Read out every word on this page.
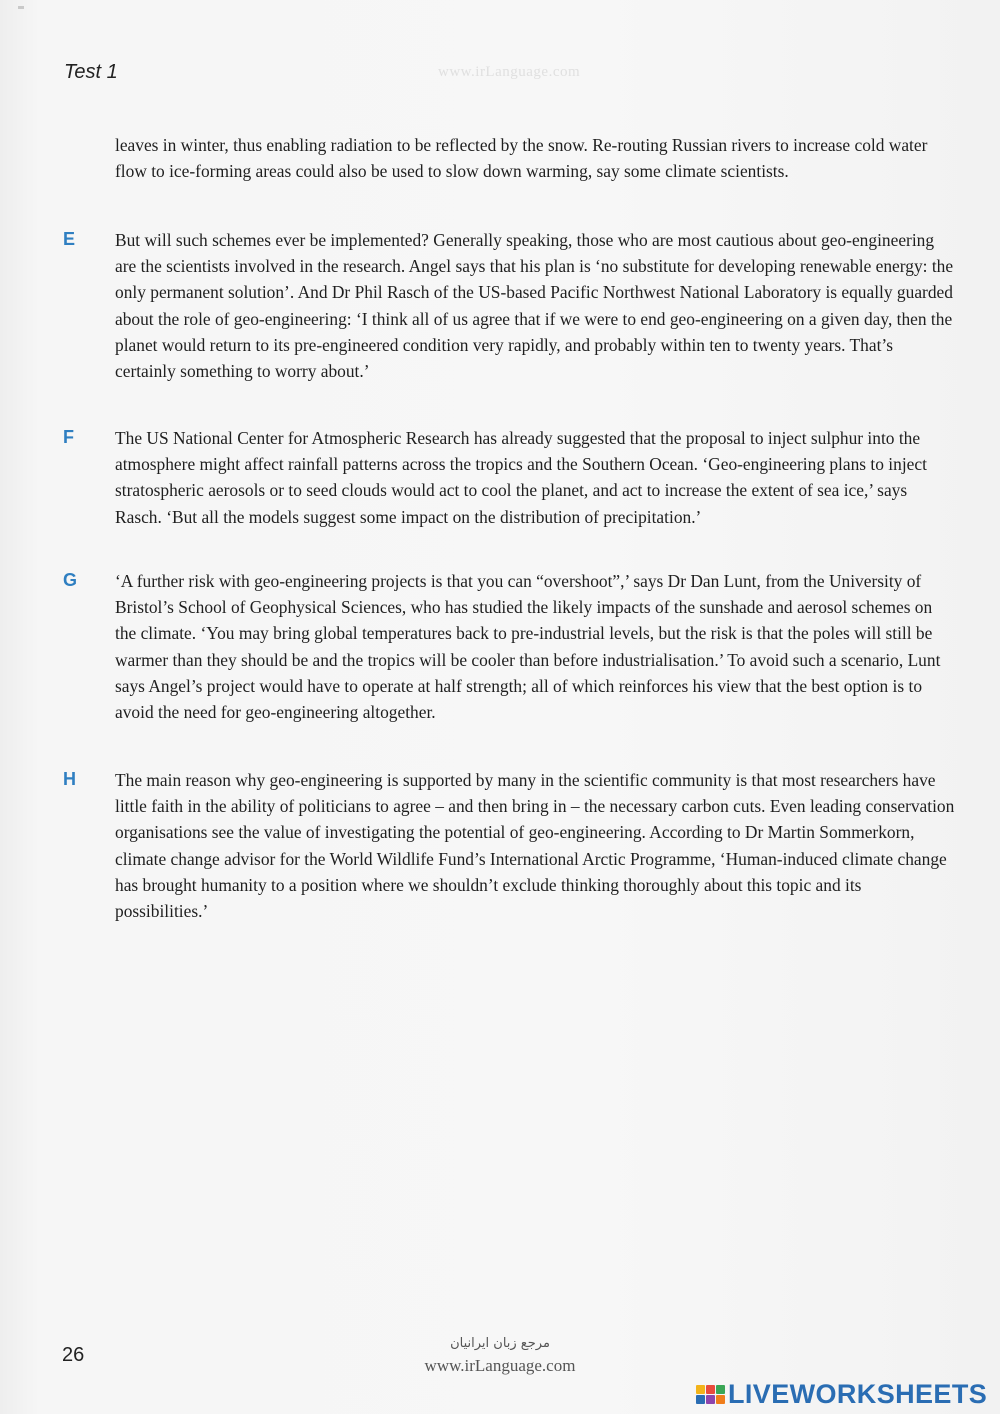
Test 1	www.irLanguage.com
leaves in winter, thus enabling radiation to be reflected by the snow. Re-routing Russian rivers to increase cold water flow to ice-forming areas could also be used to slow down warming, say some climate scientists.
E But will such schemes ever be implemented? Generally speaking, those who are most cautious about geo-engineering are the scientists involved in the research. Angel says that his plan is ‘no substitute for developing renewable energy: the only permanent solution’. And Dr Phil Rasch of the US-based Pacific Northwest National Laboratory is equally guarded about the role of geo-engineering: ‘I think all of us agree that if we were to end geo-engineering on a given day, then the planet would return to its pre-engineered condition very rapidly, and probably within ten to twenty years. That’s certainly something to worry about.’
F The US National Center for Atmospheric Research has already suggested that the proposal to inject sulphur into the atmosphere might affect rainfall patterns across the tropics and the Southern Ocean. ‘Geo-engineering plans to inject stratospheric aerosols or to seed clouds would act to cool the planet, and act to increase the extent of sea ice,’ says Rasch. ‘But all the models suggest some impact on the distribution of precipitation.’
G ‘A further risk with geo-engineering projects is that you can “overshoot”,’ says Dr Dan Lunt, from the University of Bristol’s School of Geophysical Sciences, who has studied the likely impacts of the sunshade and aerosol schemes on the climate. ‘You may bring global temperatures back to pre-industrial levels, but the risk is that the poles will still be warmer than they should be and the tropics will be cooler than before industrialisation.’ To avoid such a scenario, Lunt says Angel’s project would have to operate at half strength; all of which reinforces his view that the best option is to avoid the need for geo-engineering altogether.
H The main reason why geo-engineering is supported by many in the scientific community is that most researchers have little faith in the ability of politicians to agree – and then bring in – the necessary carbon cuts. Even leading conservation organisations see the value of investigating the potential of geo-engineering. According to Dr Martin Sommerkorn, climate change advisor for the World Wildlife Fund’s International Arctic Programme, ‘Human-induced climate change has brought humanity to a position where we shouldn’t exclude thinking thoroughly about this topic and its possibilities.’
26
مرجع زبان ایرانیان
www.irLanguage.com
LIVE WORKSHEETS
